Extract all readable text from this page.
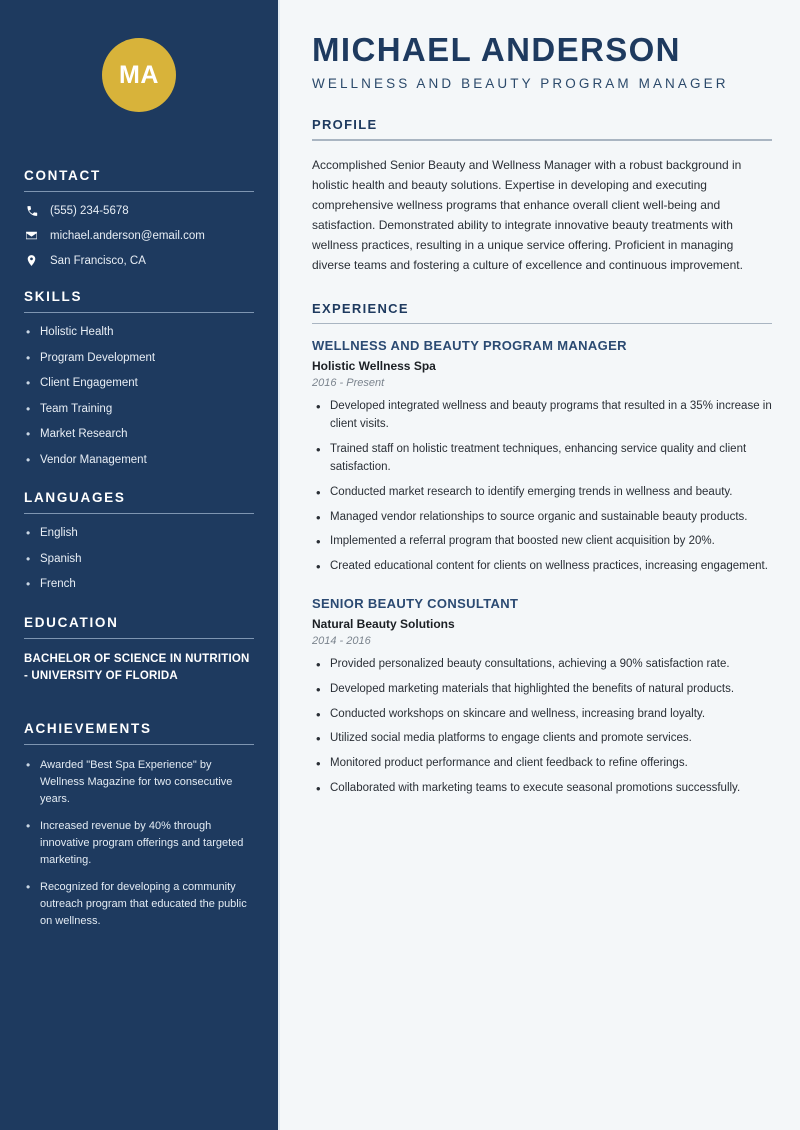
MA
CONTACT
(555) 234-5678
michael.anderson@email.com
San Francisco, CA
SKILLS
• Holistic Health
• Program Development
• Client Engagement
• Team Training
• Market Research
• Vendor Management
LANGUAGES
• English
• Spanish
• French
EDUCATION
BACHELOR OF SCIENCE IN NUTRITION - UNIVERSITY OF FLORIDA
ACHIEVEMENTS
• Awarded "Best Spa Experience" by Wellness Magazine for two consecutive years.
• Increased revenue by 40% through innovative program offerings and targeted marketing.
• Recognized for developing a community outreach program that educated the public on wellness.
MICHAEL ANDERSON
WELLNESS AND BEAUTY PROGRAM MANAGER
PROFILE

Accomplished Senior Beauty and Wellness Manager with a robust background in holistic health and beauty solutions. Expertise in developing and executing comprehensive wellness programs that enhance overall client well-being and satisfaction. Demonstrated ability to integrate innovative beauty treatments with wellness practices, resulting in a unique service offering. Proficient in managing diverse teams and fostering a culture of excellence and continuous improvement.

EXPERIENCE
WELLNESS AND BEAUTY PROGRAM MANAGER
Holistic Wellness Spa
2016 - Present
• Developed integrated wellness and beauty programs that resulted in a 35% increase in client visits.
• Trained staff on holistic treatment techniques, enhancing service quality and client satisfaction.
• Conducted market research to identify emerging trends in wellness and beauty.
• Managed vendor relationships to source organic and sustainable beauty products.
• Implemented a referral program that boosted new client acquisition by 20%.
• Created educational content for clients on wellness practices, increasing engagement.
SENIOR BEAUTY CONSULTANT
Natural Beauty Solutions
2014 - 2016
• Provided personalized beauty consultations, achieving a 90% satisfaction rate.
• Developed marketing materials that highlighted the benefits of natural products.
• Conducted workshops on skincare and wellness, increasing brand loyalty.
• Utilized social media platforms to engage clients and promote services.
• Monitored product performance and client feedback to refine offerings.
• Collaborated with marketing teams to execute seasonal promotions successfully.
